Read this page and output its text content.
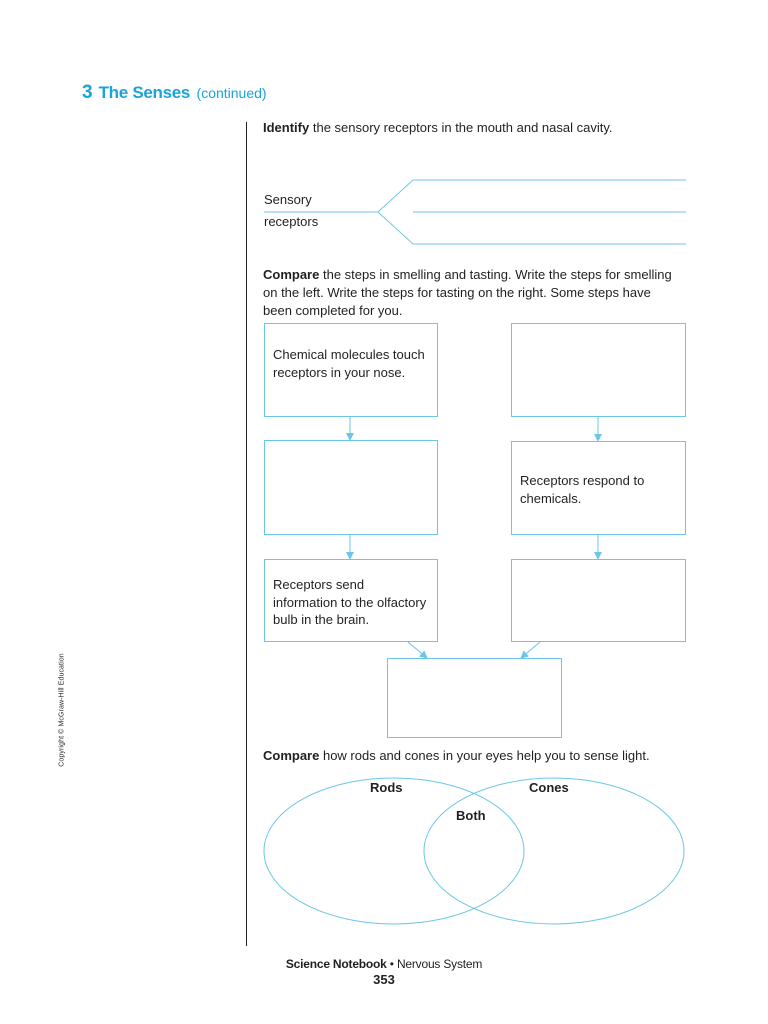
3 The Senses (continued)
Copyright © McGraw-Hill Education
Identify the sensory receptors in the mouth and nasal cavity.
Sensory
receptors
Compare the steps in smelling and tasting. Write the steps for smelling on the left. Write the steps for tasting on the right. Some steps have been completed for you.
Chemical molecules touch receptors in your nose.
Receptors send information to the olfactory bulb in the brain.
Receptors respond to chemicals.
Compare how rods and cones in your eyes help you to sense light.
Rods	Cones
Both
Science Notebook • Nervous System
353
